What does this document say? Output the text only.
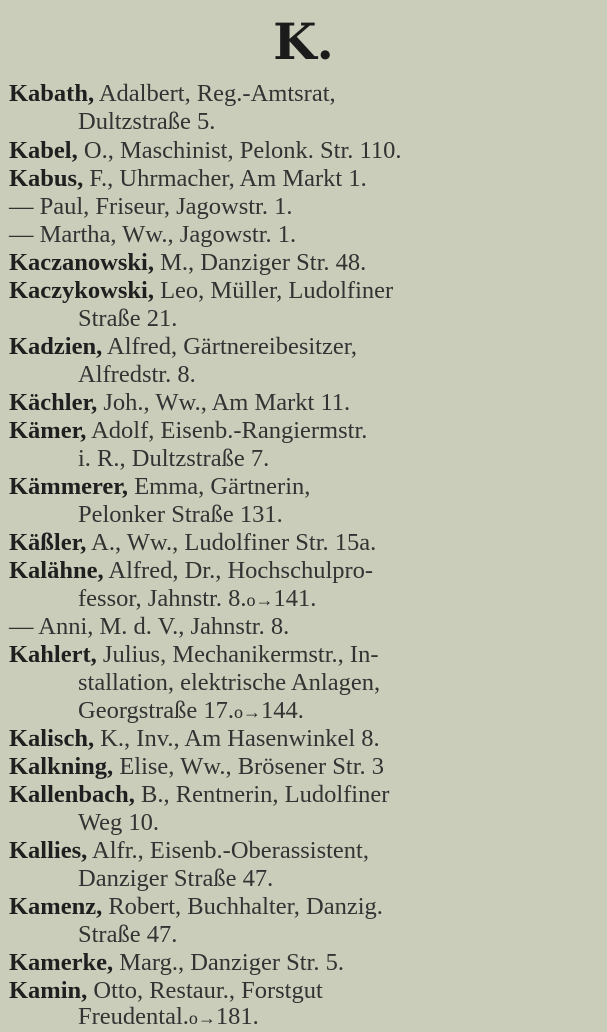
K.
Kabath, Adalbert, Reg.-Amtsrat,
Dultzstraße 5.
Kabel, O., Maschinist, Pelonk. Str. 110.
Kabus, F., Uhrmacher, Am Markt 1.
— Paul, Friseur, Jagowstr. 1.
— Martha, Ww., Jagowstr. 1.
Kaczanowski, M., Danziger Str. 48.
Kaczykowski, Leo, Müller, Ludolfiner
Straße 21.
Kadzien, Alfred, Gärtnereibesitzer,
Alfredstr. 8.
Kächler, Joh., Ww., Am Markt 11.
Kämer, Adolf, Eisenb.-Rangiermstr.
i. R., Dultzstraße 7.
Kämmerer, Emma, Gärtnerin,
Pelonker Straße 131.
Käßler, A., Ww., Ludolfiner Str. 15a.
Kalähne, Alfred, Dr., Hochschulpro-
fessor, Jahnstr. 8.o→141.
— Anni, M. d. V., Jahnstr. 8.
Kahlert, Julius, Mechanikermstr., In-
stallation, elektrische Anlagen,
Georgstraße 17.o→144.
Kalisch, K., Inv., Am Hasenwinkel 8.
Kalkning, Elise, Ww., Brösener Str. 3
Kallenbach, B., Rentnerin, Ludolfiner
Weg 10.
Kallies, Alfr., Eisenb.-Oberassistent,
Danziger Straße 47.
Kamenz, Robert, Buchhalter, Danzig.
Straße 47.
Kamerke, Marg., Danziger Str. 5.
Kamin, Otto, Restaur., Forstgut
Freudental.o→181.
